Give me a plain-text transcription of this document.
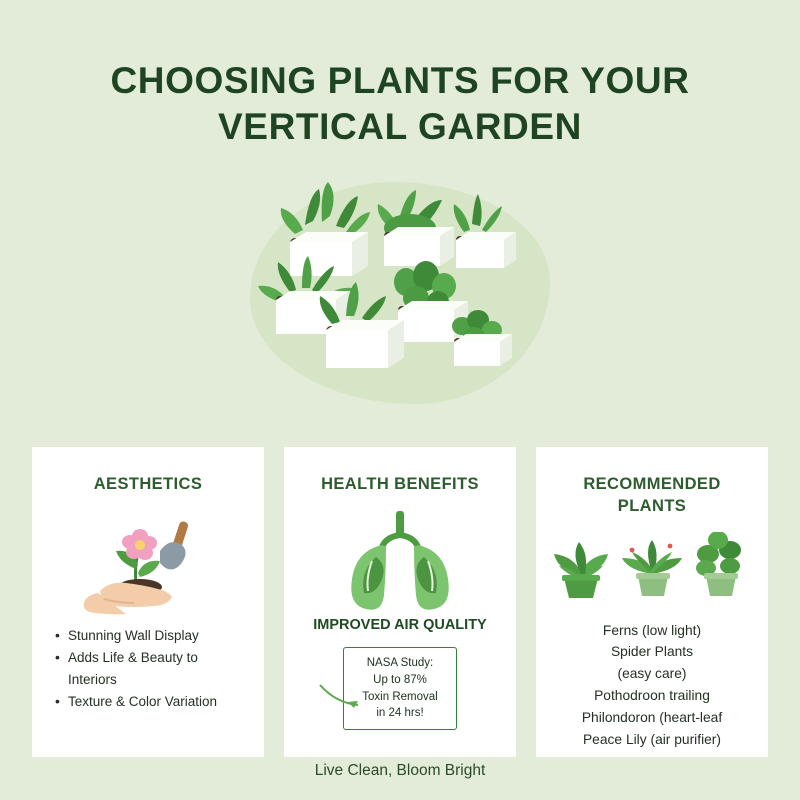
CHOOSING PLANTS FOR YOUR
VERTICAL GARDEN
AESTHETICS
• Stunning Wall Display
• Adds Life & Beauty to Interiors
• Texture & Color Variation
HEALTH BENEFITS
IMPROVED AIR QUALITY
NASA Study:
Up to 87%
Toxin Removal
in 24 hrs!
RECOMMENDED
PLANTS
Ferns (low light)
Spider Plants
(easy care)
Pothodroon trailing
Philondoron (heart-leaf
Peace Lily (air purifier)
Live Clean, Bloom Bright
